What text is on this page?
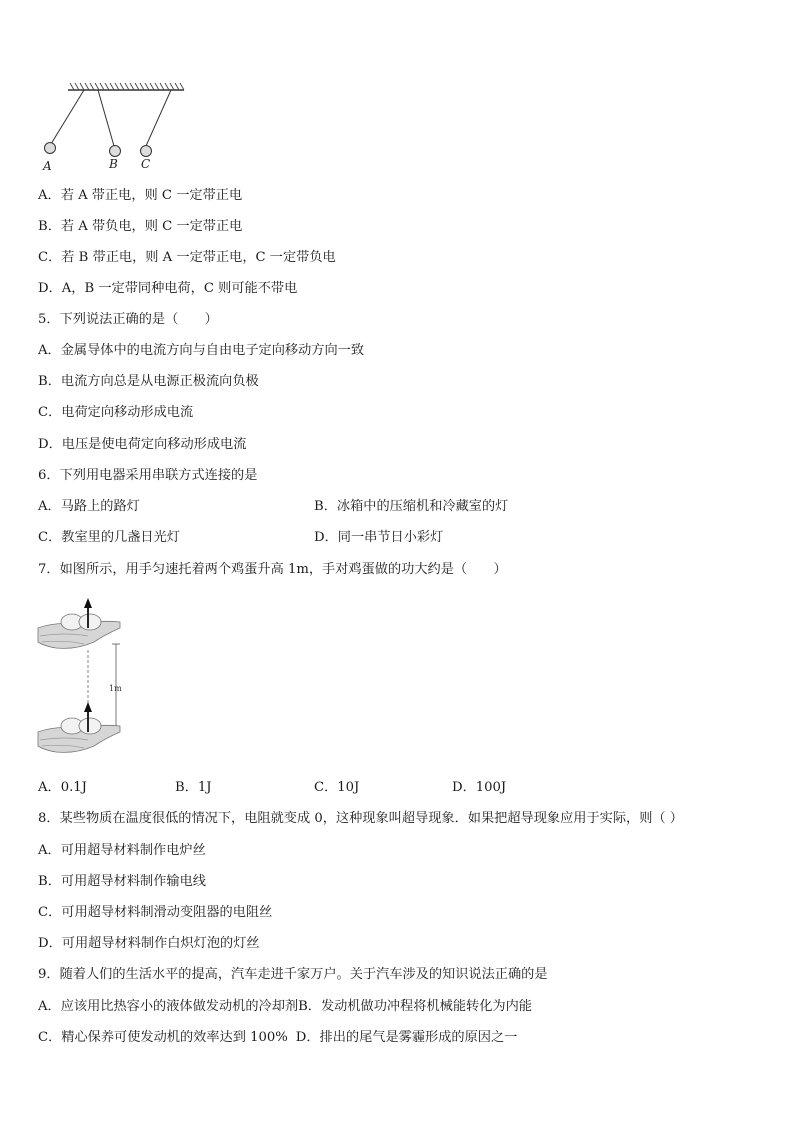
A	B C
A．若 A 带正电，则 C 一定带正电
B．若 A 带负电，则 C 一定带正电
C．若 B 带正电，则 A 一定带正电，C 一定带负电
D．A，B 一定带同种电荷，C 则可能不带电
5．下列说法正确的是（　　）
A．金属导体中的电流方向与自由电子定向移动方向一致
B．电流方向总是从电源正极流向负极
C．电荷定向移动形成电流
D．电压是使电荷定向移动形成电流
6．下列用电器采用串联方式连接的是
A．马路上的路灯	B．冰箱中的压缩机和冷藏室的灯
C．教室里的几盏日光灯	D．同一串节日小彩灯
7．如图所示，用手匀速托着两个鸡蛋升高 1m，手对鸡蛋做的功大约是（　　）
1m
A．0.1J	B．1J	C．10J	D．100J
8．某些物质在温度很低的情况下，电阻就变成 0，这种现象叫超导现象．如果把超导现象应用于实际，则（ ）
A．可用超导材料制作电炉丝
B．可用超导材料制作输电线
C．可用超导材料制滑动变阻器的电阻丝
D．可用超导材料制作白炽灯泡的灯丝
9．随着人们的生活水平的提高，汽车走进千家万户。关于汽车涉及的知识说法正确的是
A．应该用比热容小的液体做发动机的冷却剂B．发动机做功冲程将机械能转化为内能
C．精心保养可使发动机的效率达到 100% D．排出的尾气是雾霾形成的原因之一
